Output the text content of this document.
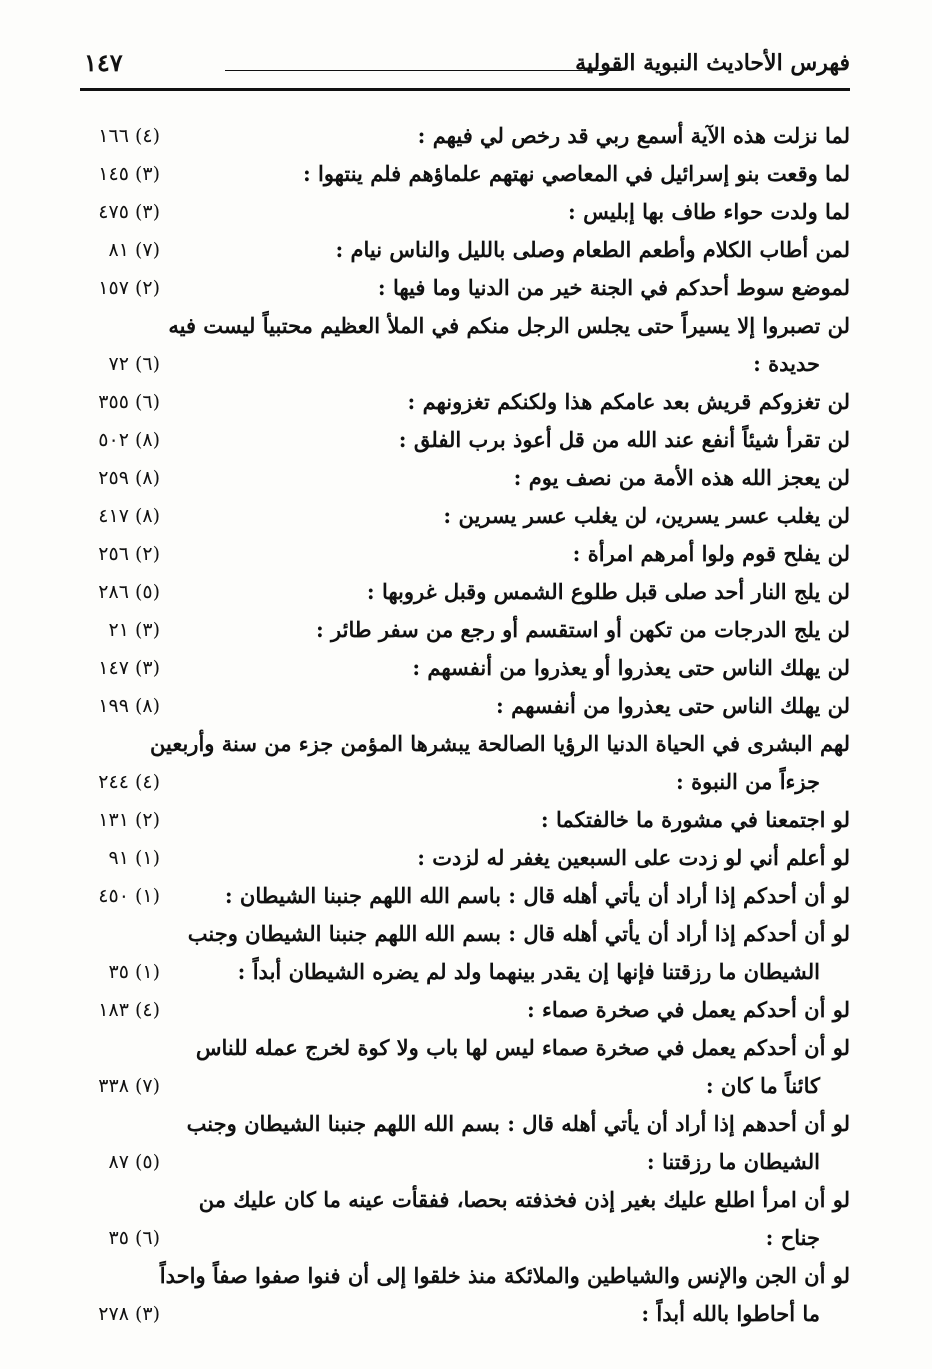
فهرس الأحاديث النبوية القولية
١٤٧
لما نزلت هذه الآية أسمع ربي قد رخص لي فيهم :
(٤) ١٦٦
لما وقعت بنو إسرائيل في المعاصي نهتهم علماؤهم فلم ينتهوا :
(٣) ١٤٥
لما ولدت حواء طاف بها إبليس :
(٣) ٤٧٥
لمن أطاب الكلام وأطعم الطعام وصلى بالليل والناس نيام :
(٧) ٨١
لموضع سوط أحدكم في الجنة خير من الدنيا وما فيها :
(٢) ١٥٧
لن تصبروا إلا يسيراً حتى يجلس الرجل منكم في الملأ العظيم محتبياً ليست فيه
حديدة :
(٦) ٧٢
لن تغزوكم قريش بعد عامكم هذا ولكنكم تغزونهم :
(٦) ٣٥٥
لن تقرأ شيئاً أنفع عند الله من قل أعوذ برب الفلق :
(٨) ٥٠٢
لن يعجز الله هذه الأمة من نصف يوم :
(٨) ٢٥٩
لن يغلب عسر يسرين، لن يغلب عسر يسرين :
(٨) ٤١٧
لن يفلح قوم ولوا أمرهم امرأة :
(٢) ٢٥٦
لن يلج النار أحد صلى قبل طلوع الشمس وقبل غروبها :
(٥) ٢٨٦
لن يلج الدرجات من تكهن أو استقسم أو رجع من سفر طائر :
(٣) ٢١
لن يهلك الناس حتى يعذروا أو يعذروا من أنفسهم :
(٣) ١٤٧
لن يهلك الناس حتى يعذروا من أنفسهم :
(٨) ١٩٩
لهم البشرى في الحياة الدنيا الرؤيا الصالحة يبشرها المؤمن جزء من سنة وأربعين
جزءاً من النبوة :
(٤) ٢٤٤
لو اجتمعنا في مشورة ما خالفتكما :
(٢) ١٣١
لو أعلم أني لو زدت على السبعين يغفر له لزدت :
(١) ٩١
لو أن أحدكم إذا أراد أن يأتي أهله قال : باسم الله اللهم جنبنا الشيطان :
(١) ٤٥٠
لو أن أحدكم إذا أراد أن يأتي أهله قال : بسم الله اللهم جنبنا الشيطان وجنب
الشيطان ما رزقتنا فإنها إن يقدر بينهما ولد لم يضره الشيطان أبداً :
(١) ٣٥
لو أن أحدكم يعمل في صخرة صماء :
(٤) ١٨٣
لو أن أحدكم يعمل في صخرة صماء ليس لها باب ولا كوة لخرج عمله للناس
كائناً ما كان :
(٧) ٣٣٨
لو أن أحدهم إذا أراد أن يأتي أهله قال : بسم الله اللهم جنبنا الشيطان وجنب
الشيطان ما رزقتنا :
(٥) ٨٧
لو أن امرأ اطلع عليك بغير إذن فخذفته بحصا، ففقأت عينه ما كان عليك من
جناح :
(٦) ٣٥
لو أن الجن والإنس والشياطين والملائكة منذ خلقوا إلى أن فنوا صفوا صفاً واحداً
ما أحاطوا بالله أبداً :
(٣) ٢٧٨
